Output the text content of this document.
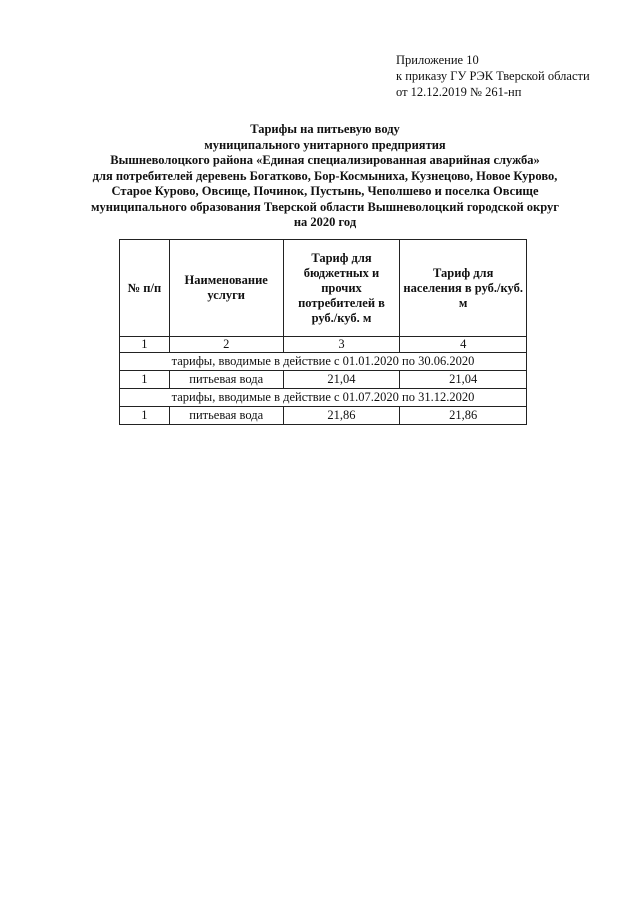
Приложение 10
к приказу ГУ РЭК Тверской области
от 12.12.2019 № 261-нп
Тарифы на питьевую воду
муниципального унитарного предприятия
Вышневолоцкого района «Единая специализированная аварийная служба»
для потребителей деревень Богатково, Бор-Космыниха, Кузнецово, Новое Курово,
Старое Курово, Овсище, Починок, Пустынь, Чеполшево и поселка Овсище
муниципального образования Тверской области Вышневолоцкий городской округ
на 2020 год
№ п/п	Наименование услуги	Тариф для бюджетных и прочих потребителей в руб./куб. м	Тариф для населения в руб./куб. м
1	2	3	4
тарифы, вводимые в действие с 01.01.2020 по 30.06.2020			
1	питьевая вода	21,04	21,04
тарифы, вводимые в действие с 01.07.2020 по 31.12.2020			
1	питьевая вода	21,86	21,86
